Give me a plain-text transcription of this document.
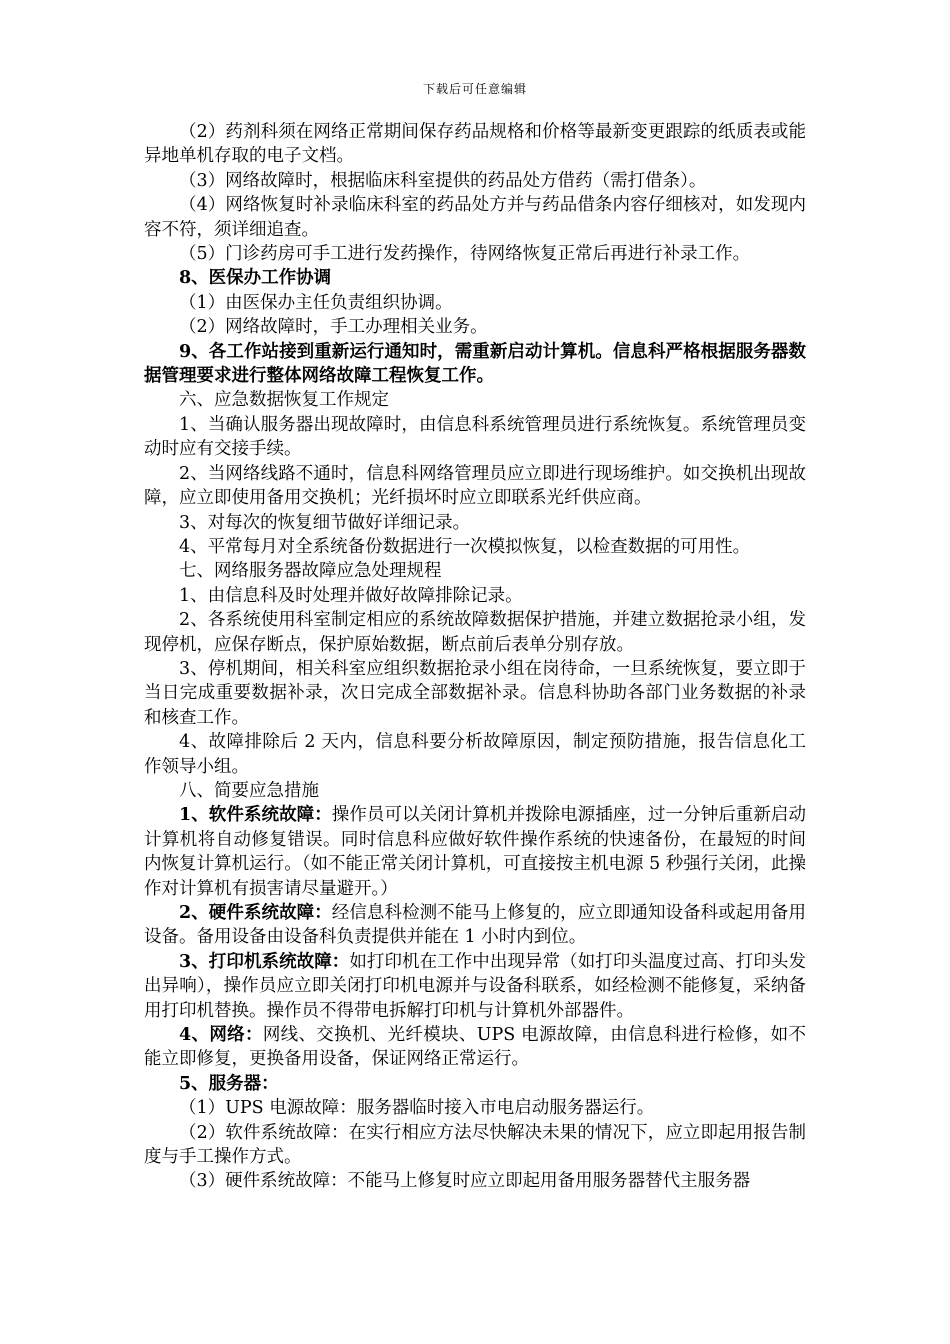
下载后可任意编辑

（2）药剂科须在网络正常期间保存药品规格和价格等最新变更跟踪的纸质表或能异地单机存取的电子文档。

（3）网络故障时，根据临床科室提供的药品处方借药（需打借条）。

（4）网络恢复时补录临床科室的药品处方并与药品借条内容仔细核对，如发现内容不符，须详细追查。

（5）门诊药房可手工进行发药操作，待网络恢复正常后再进行补录工作。

8、医保办工作协调

（1）由医保办主任负责组织协调。

（2）网络故障时，手工办理相关业务。

9、各工作站接到重新运行通知时，需重新启动计算机。信息科严格根据服务器数据管理要求进行整体网络故障工程恢复工作。

六、应急数据恢复工作规定

1、当确认服务器出现故障时，由信息科系统管理员进行系统恢复。系统管理员变动时应有交接手续。

2、当网络线路不通时，信息科网络管理员应立即进行现场维护。如交换机出现故障，应立即使用备用交换机；光纤损坏时应立即联系光纤供应商。

3、对每次的恢复细节做好详细记录。

4、平常每月对全系统备份数据进行一次模拟恢复，以检查数据的可用性。

七、网络服务器故障应急处理规程

1、由信息科及时处理并做好故障排除记录。

2、各系统使用科室制定相应的系统故障数据保护措施，并建立数据抢录小组，发现停机，应保存断点，保护原始数据，断点前后表单分别存放。

3、停机期间，相关科室应组织数据抢录小组在岗待命，一旦系统恢复，要立即于当日完成重要数据补录，次日完成全部数据补录。信息科协助各部门业务数据的补录和核查工作。

4、故障排除后 2 天内，信息科要分析故障原因，制定预防措施，报告信息化工作领导小组。

八、简要应急措施

1、软件系统故障：操作员可以关闭计算机并拨除电源插座，过一分钟后重新启动计算机将自动修复错误。同时信息科应做好软件操作系统的快速备份，在最短的时间内恢复计算机运行。（如不能正常关闭计算机，可直接按主机电源 5 秒强行关闭，此操作对计算机有损害请尽量避开。）

2、硬件系统故障：经信息科检测不能马上修复的，应立即通知设备科或起用备用设备。备用设备由设备科负责提供并能在 1 小时内到位。

3、打印机系统故障：如打印机在工作中出现异常（如打印头温度过高、打印头发出异响），操作员应立即关闭打印机电源并与设备科联系，如经检测不能修复，采纳备用打印机替换。操作员不得带电拆解打印机与计算机外部器件。

4、网络：网线、交换机、光纤模块、UPS 电源故障，由信息科进行检修，如不能立即修复，更换备用设备，保证网络正常运行。

5、服务器：

（1）UPS 电源故障：服务器临时接入市电启动服务器运行。

（2）软件系统故障：在实行相应方法尽快解决未果的情况下，应立即起用报告制度与手工操作方式。

（3）硬件系统故障：不能马上修复时应立即起用备用服务器替代主服务器
